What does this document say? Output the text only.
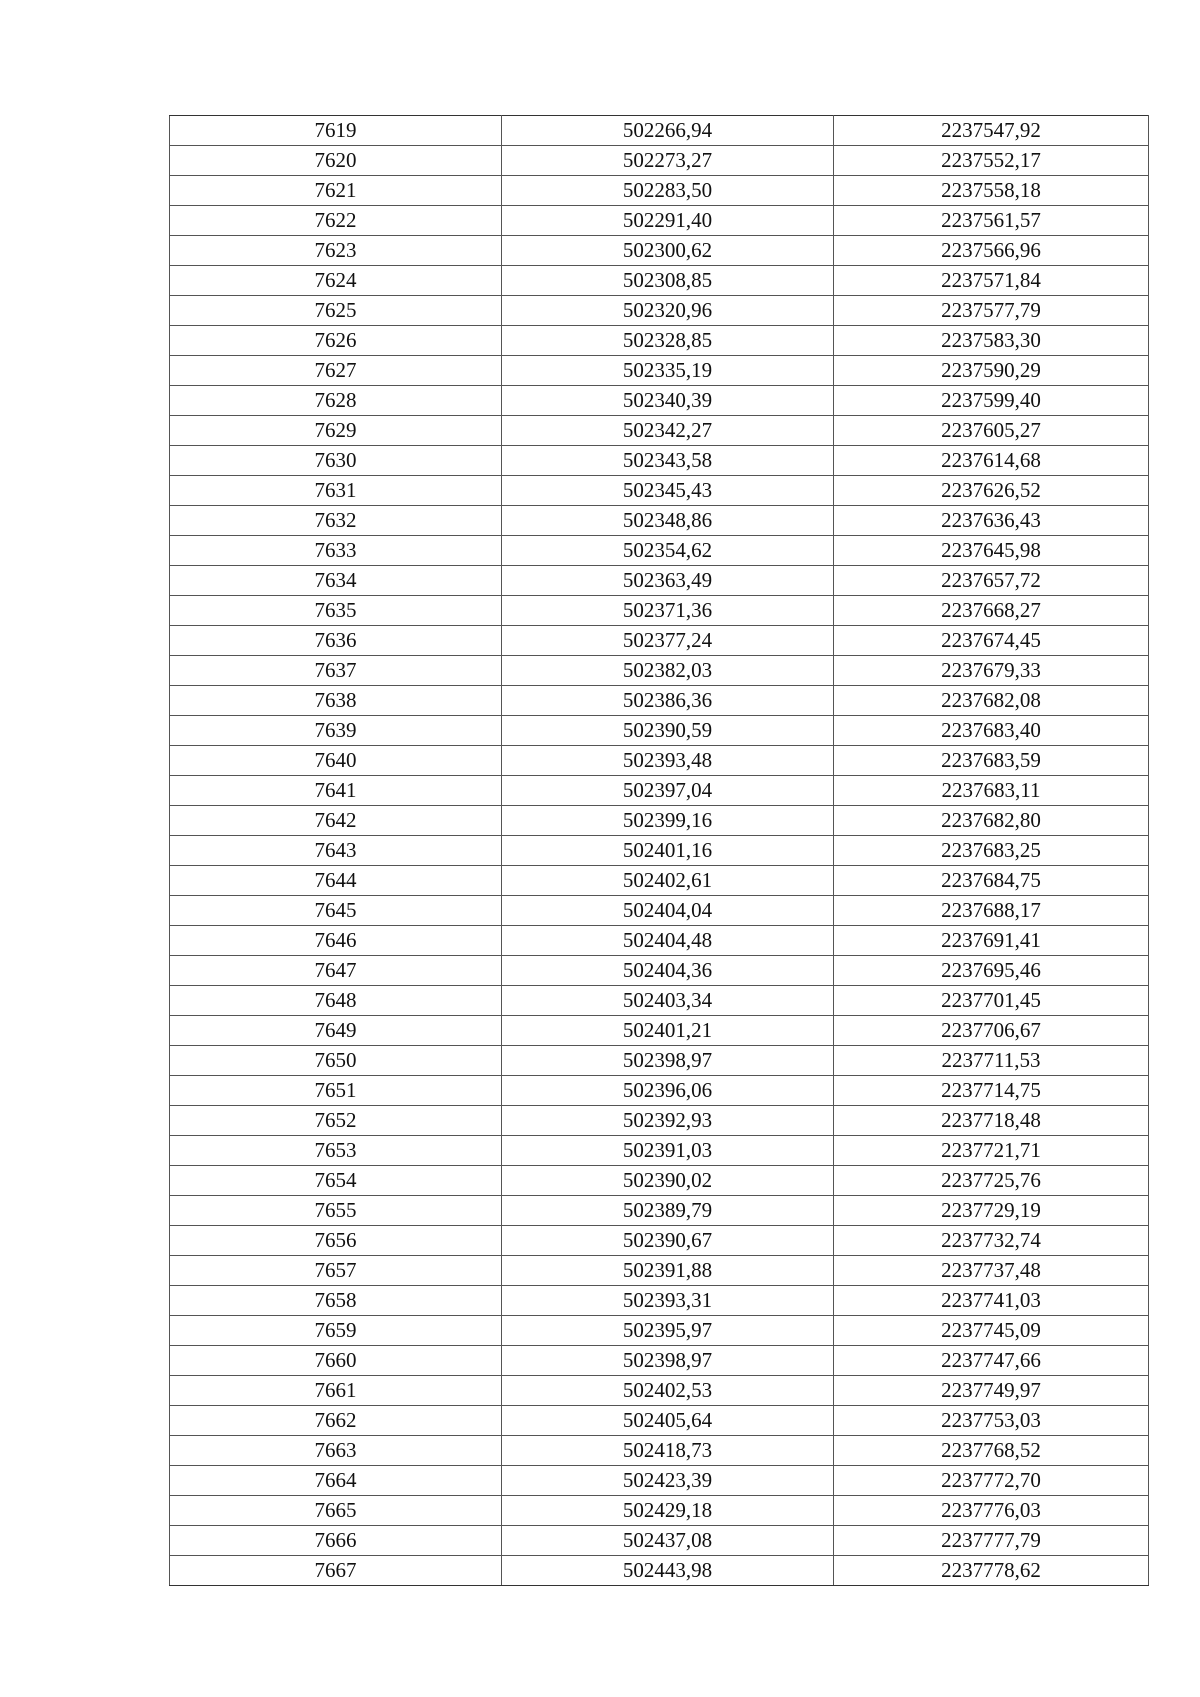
7619	502266,94	2237547,92
7620	502273,27	2237552,17
7621	502283,50	2237558,18
7622	502291,40	2237561,57
7623	502300,62	2237566,96
7624	502308,85	2237571,84
7625	502320,96	2237577,79
7626	502328,85	2237583,30
7627	502335,19	2237590,29
7628	502340,39	2237599,40
7629	502342,27	2237605,27
7630	502343,58	2237614,68
7631	502345,43	2237626,52
7632	502348,86	2237636,43
7633	502354,62	2237645,98
7634	502363,49	2237657,72
7635	502371,36	2237668,27
7636	502377,24	2237674,45
7637	502382,03	2237679,33
7638	502386,36	2237682,08
7639	502390,59	2237683,40
7640	502393,48	2237683,59
7641	502397,04	2237683,11
7642	502399,16	2237682,80
7643	502401,16	2237683,25
7644	502402,61	2237684,75
7645	502404,04	2237688,17
7646	502404,48	2237691,41
7647	502404,36	2237695,46
7648	502403,34	2237701,45
7649	502401,21	2237706,67
7650	502398,97	2237711,53
7651	502396,06	2237714,75
7652	502392,93	2237718,48
7653	502391,03	2237721,71
7654	502390,02	2237725,76
7655	502389,79	2237729,19
7656	502390,67	2237732,74
7657	502391,88	2237737,48
7658	502393,31	2237741,03
7659	502395,97	2237745,09
7660	502398,97	2237747,66
7661	502402,53	2237749,97
7662	502405,64	2237753,03
7663	502418,73	2237768,52
7664	502423,39	2237772,70
7665	502429,18	2237776,03
7666	502437,08	2237777,79
7667	502443,98	2237778,62
